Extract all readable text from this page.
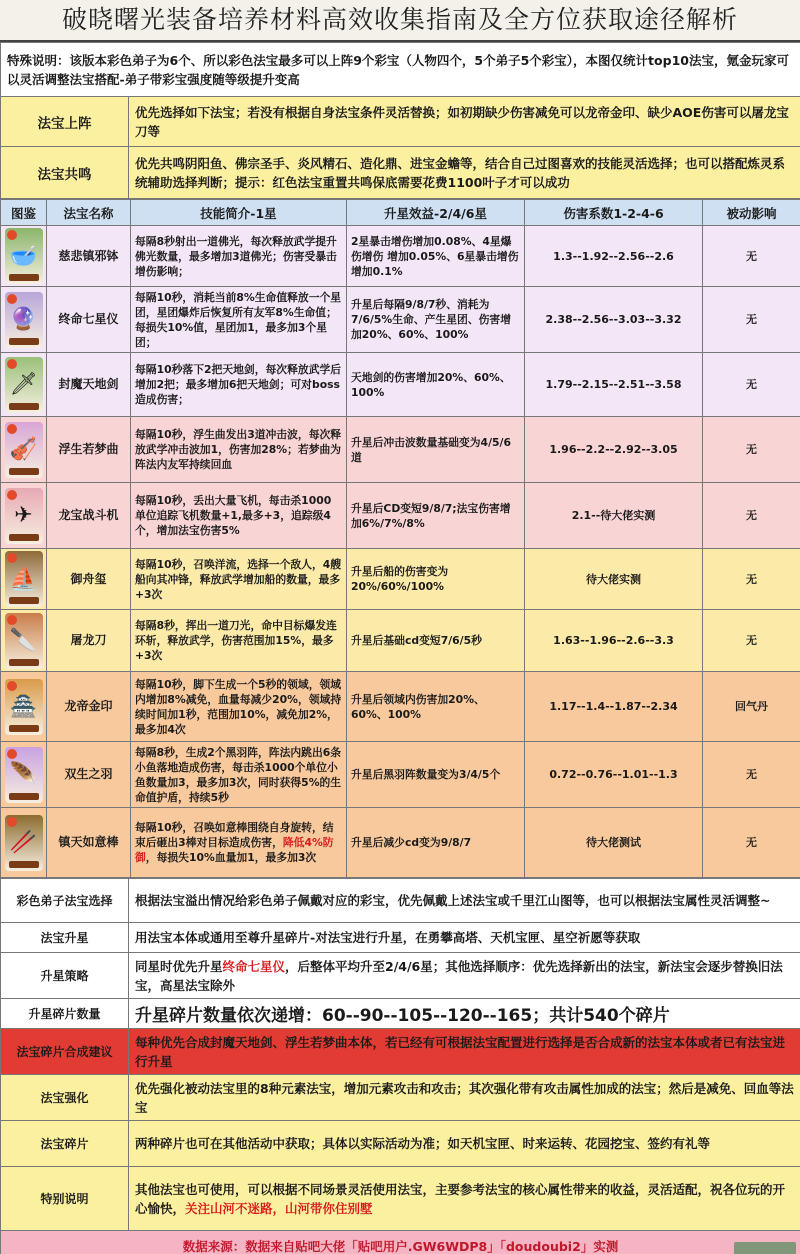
破晓曙光装备培养材料高效收集指南及全方位获取途径解析
特殊说明：该版本彩色弟子为6个、所以彩色法宝最多可以上阵9个彩宝（人物四个，5个弟子5个彩宝），本图仅统计top10法宝，氪金玩家可以灵活调整法宝搭配-弟子带彩宝强度随等级提升变高	
法宝上阵	优先选择如下法宝；若没有根据自身法宝条件灵活替换；如初期缺少伤害减免可以龙帝金印、缺少AOE伤害可以屠龙宝刀等
法宝共鸣	优先共鸣阴阳鱼、佛宗圣手、炎风精石、造化鼎、进宝金蟾等，结合自己过图喜欢的技能灵活选择；也可以搭配炼灵系统辅助选择判断；提示：红色法宝重置共鸣保底需要花费1100叶子才可以成功
图鉴	法宝名称	技能简介-1星	升星效益-2/4/6星	伤害系数1-2-4-6	被动影响

🥣	慈悲镇邪钵	每隔8秒射出一道佛光，每次释放武学提升佛光数量，最多增加3道佛光；伤害受暴击增伤影响；	2星暴击增伤增加0.08%、4星爆伤增伤 增加0.05%、6星暴击增伤增加0.1%	1.3--1.92--2.56--2.6	无

🔮	终命七星仪	每隔10秒，消耗当前8%生命值释放一个星团，星团爆炸后恢复所有友军8%生命值；每损失10%值，星团加1，最多加3个星团；	升星后每隔9/8/7秒、消耗为7/6/5%生命、产生星团、伤害增加20%、60%、100%	2.38--2.56--3.03--3.32	无

🗡	封魔天地剑	每隔10秒落下2把天地剑，每次释放武学后增加2把；最多增加6把天地剑；可对boss造成伤害；	天地剑的伤害增加20%、60%、100%	1.79--2.15--2.51--3.58	无

🎻	浮生若梦曲	每隔10秒，浮生曲发出3道冲击波，每次释放武学冲击波加1，伤害加28%；若梦曲为阵法内友军持续回血	升星后冲击波数量基础变为4/5/6道	1.96--2.2--2.92--3.05	无

✈	龙宝战斗机	每隔10秒，丢出大量飞机，每击杀1000单位追踪飞机数量+1,最多+3，追踪级4个，增加法宝伤害5%	升星后CD变短9/8/7;法宝伤害增加6%/7%/8%	2.1--待大佬实测	无

⛵	御舟玺	每隔10秒，召唤洋流，选择一个敌人，4艘船向其冲锋，释放武学增加船的数量，最多+3次	升星后船的伤害变为20%/60%/100%	待大佬实测	无

🔪	屠龙刀	每隔8秒，挥出一道刀光，命中目标爆发连环斩，释放武学，伤害范围加15%，最多+3次	升星后基础cd变短7/6/5秒	1.63--1.96--2.6--3.3	无

🏯	龙帝金印	每隔10秒，脚下生成一个5秒的领域，领域内增加8%减免，血量每减少20%，领域持续时间加1秒，范围加10%，减免加2%，最多加4次	升星后领域内伤害加20%、60%、100%	1.17--1.4--1.87--2.34	回气丹

🪶	双生之羽	每隔8秒，生成2个黑羽阵，阵法内跳出6条小鱼落地造成伤害，每击杀1000个单位小鱼数量加3，最多加3次，同时获得5%的生命值护盾，持续5秒	升星后黑羽阵数量变为3/4/5个	0.72--0.76--1.01--1.3	无

🥢	镇天如意棒	每隔10秒，召唤如意棒围绕自身旋转，结束后砸出3棒对目标造成伤害，降低4%防御，每损失10%血量加1，最多加3次	升星后减少cd变为9/8/7	待大佬测试	无
彩色弟子法宝选择	根据法宝溢出情况给彩色弟子佩戴对应的彩宝，优先佩戴上述法宝或千里江山图等，也可以根据法宝属性灵活调整~
法宝升星	用法宝本体或通用至尊升星碎片-对法宝进行升星，在勇攀高塔、天机宝匣、星空祈愿等获取
升星策略	同星时优先升星终命七星仪，后整体平均升至2/4/6星；其他选择顺序：优先选择新出的法宝，新法宝会逐步替换旧法宝，高星法宝除外
升星碎片数量	升星碎片数量依次递增：60--90--105--120--165；共计540个碎片
法宝碎片合成建议	每种优先合成封魔天地剑、浮生若梦曲本体，若已经有可根据法宝配置进行选择是否合成新的法宝本体或者已有法宝进行升星
法宝强化	优先强化被动法宝里的8种元素法宝，增加元素攻击和攻击；其次强化带有攻击属性加成的法宝；然后是减免、回血等法宝
法宝碎片	两种碎片也可在其他活动中获取；具体以实际活动为准；如天机宝匣、时来运转、花园挖宝、签约有礼等
特别说明	其他法宝也可使用，可以根据不同场景灵活使用法宝，主要参考法宝的核心属性带来的收益，灵活适配，祝各位玩的开心愉快，关注山河不迷路，山河带你住别墅
数据来源：数据来自贴吧大佬「贴吧用户.GW6WDP8」「doudoubi2」实测	
